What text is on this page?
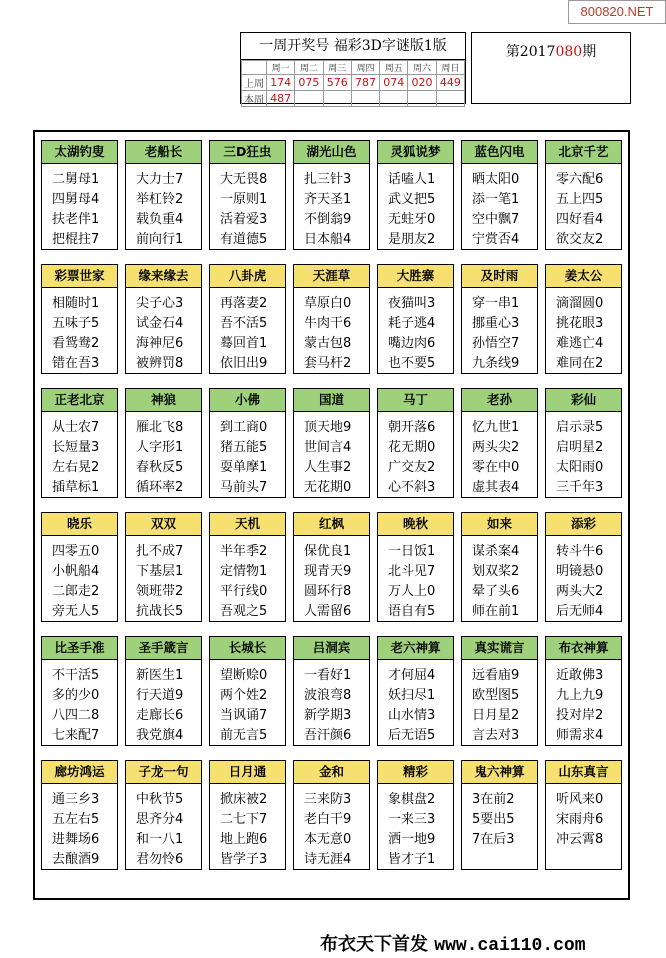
800820.NET
一周开奖号 福彩3D字谜版1版
	周一	周二	周三	周四	周五	周六	周日
上周	174	075	576	787	074	020	449
本周	487						
第2017080期
太湖钓叟
二舅母1
四舅母4
扶老伴1
把棍拄7
老船长
大力士7
举杠铃2
载负重4
前向行1
三D狂虫
大无畏8
一原则1
活着爱3
有道德5
湖光山色
扎三针3
齐天圣1
不倒翁9
日本船4
灵狐说梦
话嗑人1
武义把5
无蛀牙0
是朋友2
蓝色闪电
晒太阳0
添一笔1
空中飘7
宁赏否4
北京千艺
零六配6
五上四5
四好看4
欲交友2
彩票世家
相随时1
五味子5
看鸳鸯2
错在吾3
缘来缘去
尖子心3
试金石4
海神尼6
被辨罚8
八卦虎
再落妻2
吾不活5
蓦回首1
依旧出9
天涯草
草原白0
牛肉干6
蒙古包8
套马杆2
大胜寨
夜猫叫3
耗子逃4
嘴边肉6
也不要5
及时雨
穿一串1
挪重心3
孙悟空7
九条线9
姜太公
滴溜圆0
挑花眼3
难逃亡4
难同在2
正老北京
从士农7
长短量3
左右晃2
插草标1
神狼
雁北飞8
人字形1
春秋反5
循环率2
小佛
到工商0
猪五能5
耍单摩1
马前头7
国道
顶天地9
世间言4
人生事2
无花期0
马丁
朝开落6
花无期0
广交友2
心不斜3
老孙
忆九世1
两头尖2
零在中0
虚其表4
彩仙
启示录5
启明星2
太阳雨0
三千年3
晓乐
四零五0
小帆船4
二郎走2
旁无人5
双双
扎不成7
下基层1
领班带2
抗战长5
天机
半年季2
定情物1
平行线0
吾观之5
红枫
保优良1
现青天9
圆环行8
人需留6
晚秋
一日饭1
北斗见7
万人上0
语自有5
如来
谋杀案4
划双桨2
晕了头6
师在前1
添彩
转斗牛6
明镜悬0
两头大2
后无师4
比圣手准
不干活5
多的少0
八四二8
七来配7
圣手箴言
新医生1
行天道9
走廊长6
我党旗4
长城长
望断赊0
两个姓2
当讽诵7
前无言5
吕洞宾
一看好1
波浪弯8
新学期3
吾汗颜6
老六神算
才何屈4
妖扫尽1
山水情3
后无语5
真实谎言
远看庙9
欧型图5
日月星2
言去对3
布衣神算
近敢佛3
九上九9
投对岸2
师需求4
廊坊鸿运
通三乡3
五左右5
进舞场6
去酿酒9
子龙一句
中秋节5
思齐分4
和一八1
君勿怜6
日月通
掀床被2
二七下7
地上跑6
皆学子3
金和
三来防3
老白干9
本无意0
诗无涯4
精彩
象棋盘2
一来三3
洒一地9
皆才子1
鬼六神算
3在前2
5要出5
7在后3
山东真言
听风来0
宋雨舟6
冲云霄8
布衣天下首发 www.cai110.com
